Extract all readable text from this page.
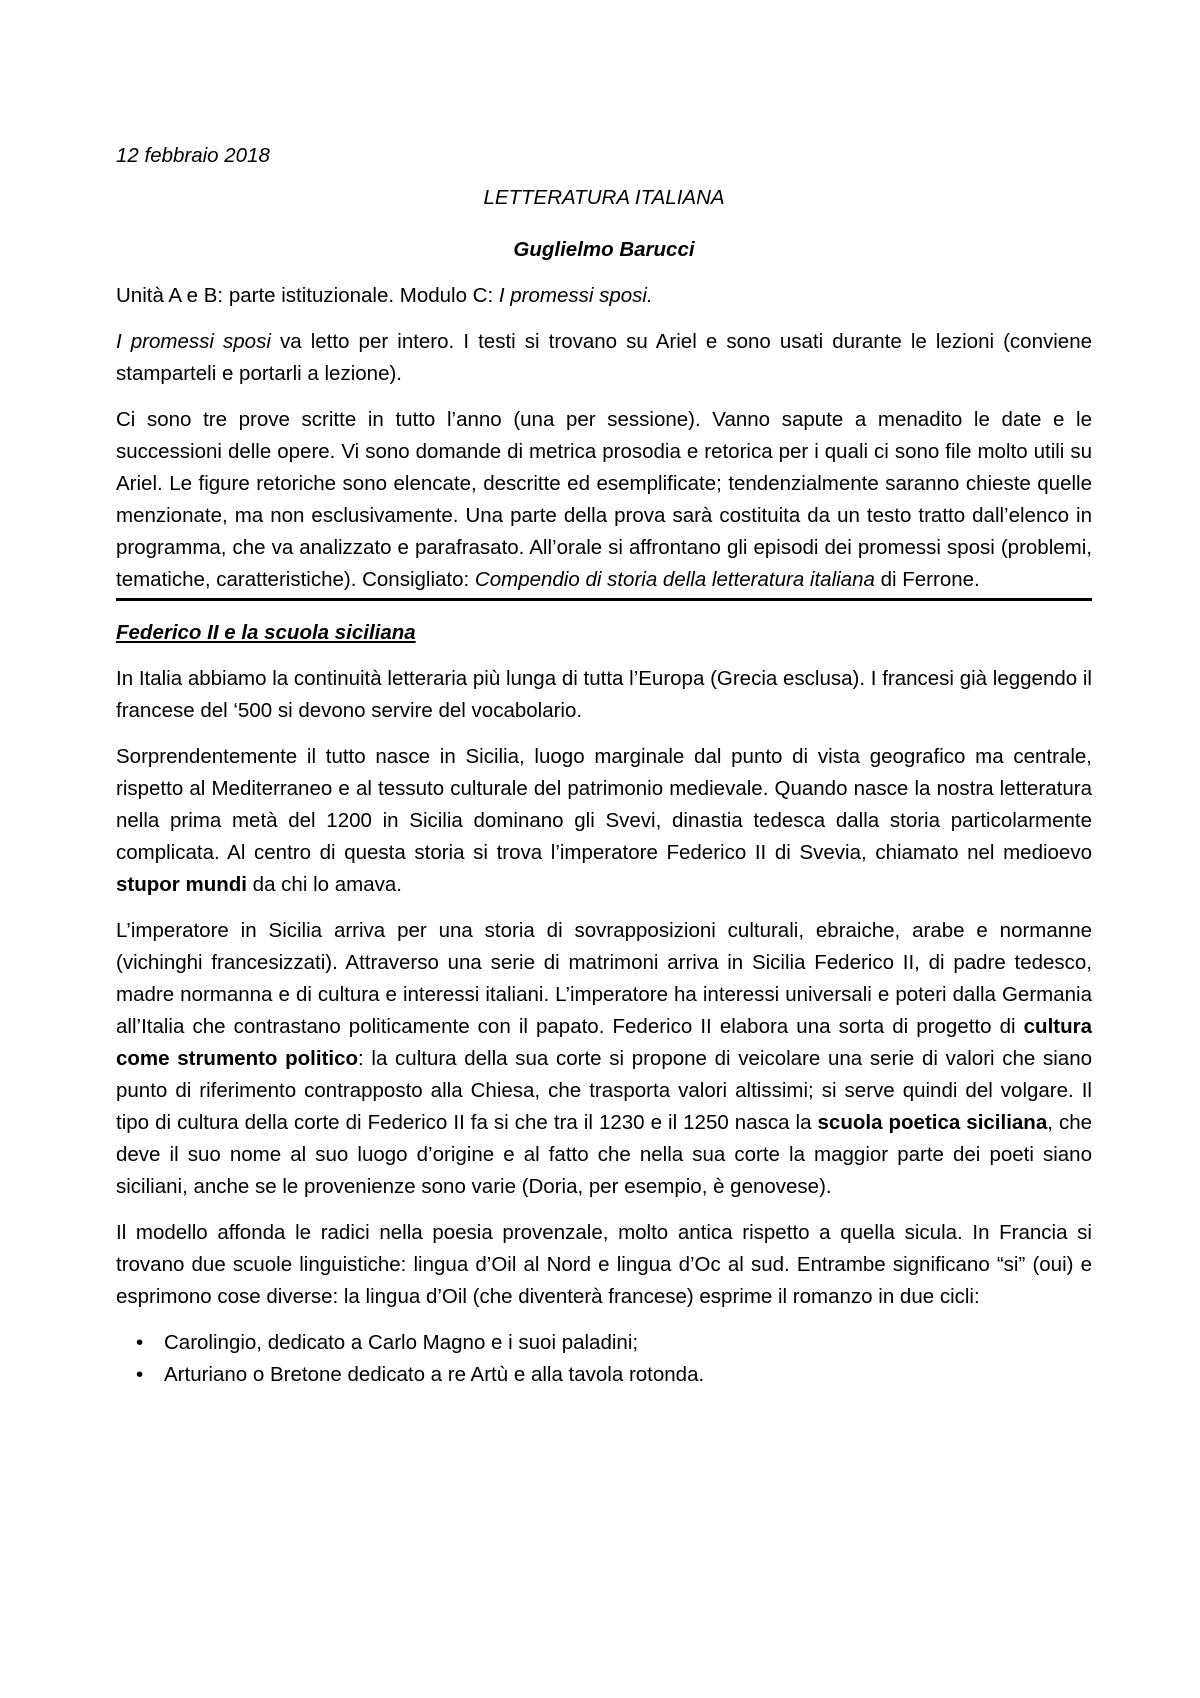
12 febbraio 2018
LETTERATURA ITALIANA
Guglielmo Barucci

Unità A e B: parte istituzionale. Modulo C: I promessi sposi.

I promessi sposi va letto per intero. I testi si trovano su Ariel e sono usati durante le lezioni (conviene stamparteli e portarli a lezione).

Ci sono tre prove scritte in tutto l’anno (una per sessione). Vanno sapute a menadito le date e le successioni delle opere. Vi sono domande di metrica prosodia e retorica per i quali ci sono file molto utili su Ariel. Le figure retoriche sono elencate, descritte ed esemplificate; tendenzialmente saranno chieste quelle menzionate, ma non esclusivamente. Una parte della prova sarà costituita da un testo tratto dall’elenco in programma, che va analizzato e parafrasato. All’orale si affrontano gli episodi dei promessi sposi (problemi, tematiche, caratteristiche). Consigliato: Compendio di storia della letteratura italiana di Ferrone.

Federico II e la scuola siciliana

In Italia abbiamo la continuità letteraria più lunga di tutta l’Europa (Grecia esclusa). I francesi già leggendo il francese del ‘500 si devono servire del vocabolario.

Sorprendentemente il tutto nasce in Sicilia, luogo marginale dal punto di vista geografico ma centrale, rispetto al Mediterraneo e al tessuto culturale del patrimonio medievale. Quando nasce la nostra letteratura nella prima metà del 1200 in Sicilia dominano gli Svevi, dinastia tedesca dalla storia particolarmente complicata. Al centro di questa storia si trova l’imperatore Federico II di Svevia, chiamato nel medioevo stupor mundi da chi lo amava.

L’imperatore in Sicilia arriva per una storia di sovrapposizioni culturali, ebraiche, arabe e normanne (vichinghi francesizzati). Attraverso una serie di matrimoni arriva in Sicilia Federico II, di padre tedesco, madre normanna e di cultura e interessi italiani. L’imperatore ha interessi universali e poteri dalla Germania all’Italia che contrastano politicamente con il papato. Federico II elabora una sorta di progetto di cultura come strumento politico: la cultura della sua corte si propone di veicolare una serie di valori che siano punto di riferimento contrapposto alla Chiesa, che trasporta valori altissimi; si serve quindi del volgare. Il tipo di cultura della corte di Federico II fa si che tra il 1230 e il 1250 nasca la scuola poetica siciliana, che deve il suo nome al suo luogo d’origine e al fatto che nella sua corte la maggior parte dei poeti siano siciliani, anche se le provenienze sono varie (Doria, per esempio, è genovese).

Il modello affonda le radici nella poesia provenzale, molto antica rispetto a quella sicula. In Francia si trovano due scuole linguistiche: lingua d’Oil al Nord e lingua d’Oc al sud. Entrambe significano “si” (oui) e esprimono cose diverse: la lingua d’Oil (che diventerà francese) esprime il romanzo in due cicli:

• Carolingio, dedicato a Carlo Magno e i suoi paladini;
• Arturiano o Bretone dedicato a re Artù e alla tavola rotonda.
